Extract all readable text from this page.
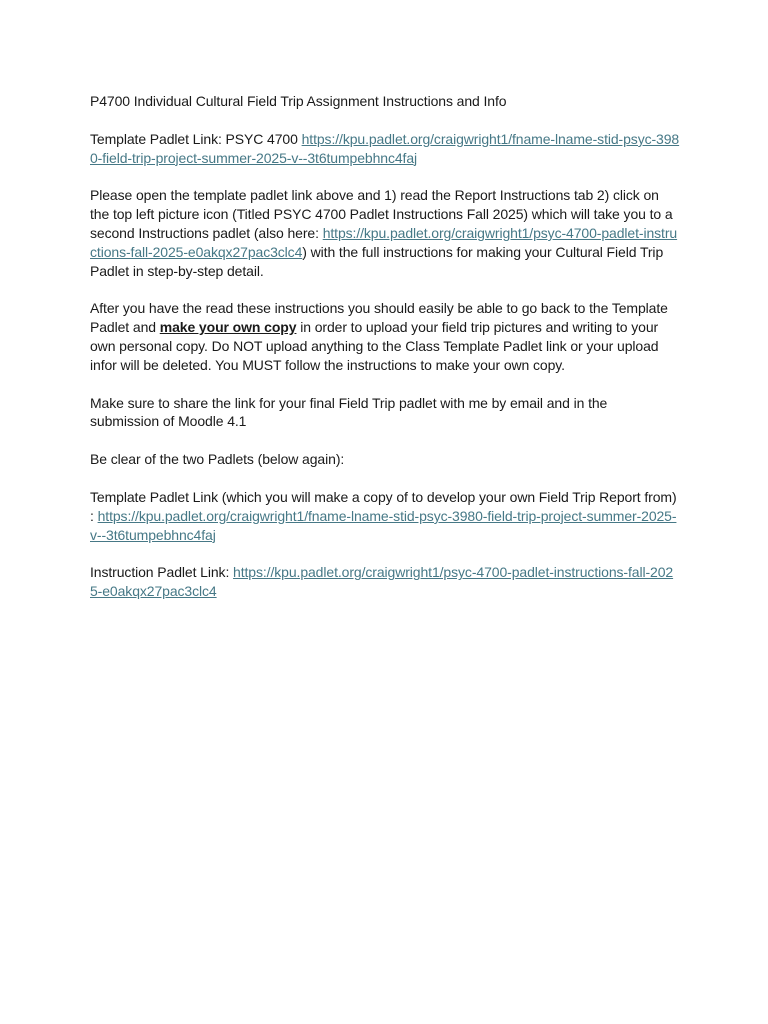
P4700 Individual Cultural Field Trip Assignment Instructions and Info

Template Padlet Link: PSYC 4700 https://kpu.padlet.org/craigwright1/fname-lname-stid-psyc-3980-field-trip-project-summer-2025-v--3t6tumpebhnc4faj

Please open the template padlet link above and 1) read the Report Instructions tab 2) click on the top left picture icon (Titled PSYC 4700 Padlet Instructions Fall 2025) which will take you to a second Instructions padlet (also here: https://kpu.padlet.org/craigwright1/psyc-4700-padlet-instructions-fall-2025-e0akqx27pac3clc4) with the full instructions for making your Cultural Field Trip Padlet in step-by-step detail.

After you have the read these instructions you should easily be able to go back to the Template Padlet and make your own copy in order to upload your field trip pictures and writing to your own personal copy. Do NOT upload anything to the Class Template Padlet link or your upload infor will be deleted. You MUST follow the instructions to make your own copy.

Make sure to share the link for your final Field Trip padlet with me by email and in the submission of Moodle 4.1

Be clear of the two Padlets (below again):

Template Padlet Link (which you will make a copy of to develop your own Field Trip Report from) : https://kpu.padlet.org/craigwright1/fname-lname-stid-psyc-3980-field-trip-project-summer-2025-v--3t6tumpebhnc4faj

Instruction Padlet Link: https://kpu.padlet.org/craigwright1/psyc-4700-padlet-instructions-fall-2025-e0akqx27pac3clc4
